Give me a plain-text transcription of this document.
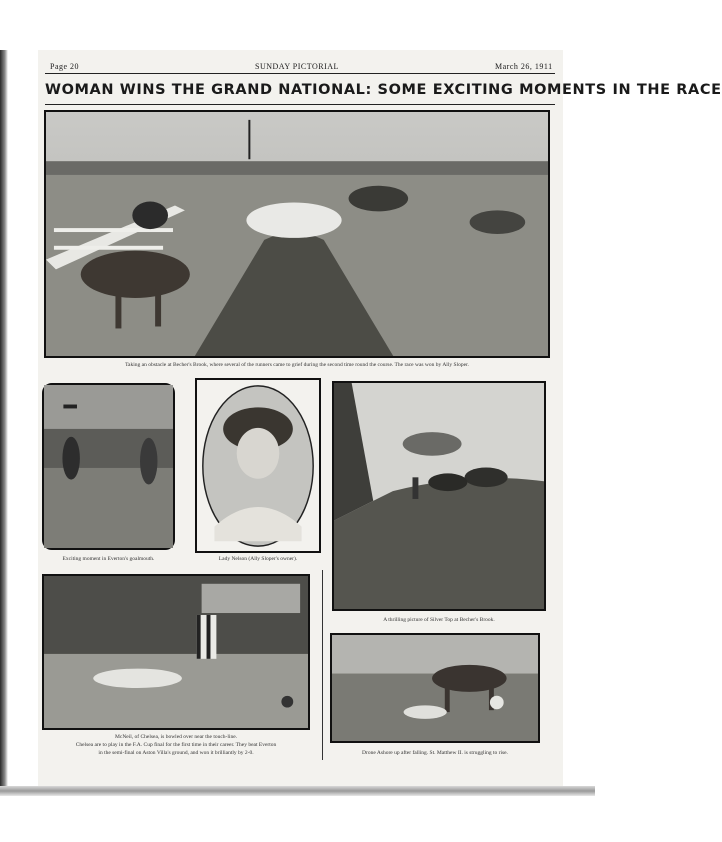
Page 20	SUNDAY PICTORIAL	March 26, 1911
WOMAN WINS THE GRAND NATIONAL: SOME EXCITING MOMENTS IN THE RACE
Taking an obstacle at Becher's Brook, where several of the runners came to grief during the second time round the course. The race was won by Ally Sloper.
Exciting moment in Everton's goalmouth.	Lady Nelson (Ally Sloper's owner).
A thrilling picture of Silver Top at Becher's Brook.
McNeil, of Chelsea, is bowled over near the touch-line.
Chelsea are to play in the F.A. Cup final for the first time in their career. They beat Everton
in the semi-final on Aston Villa's ground, and won it brilliantly by 2-0.	Drone Ashore up after falling. St. Matthew II. is struggling to rise.
